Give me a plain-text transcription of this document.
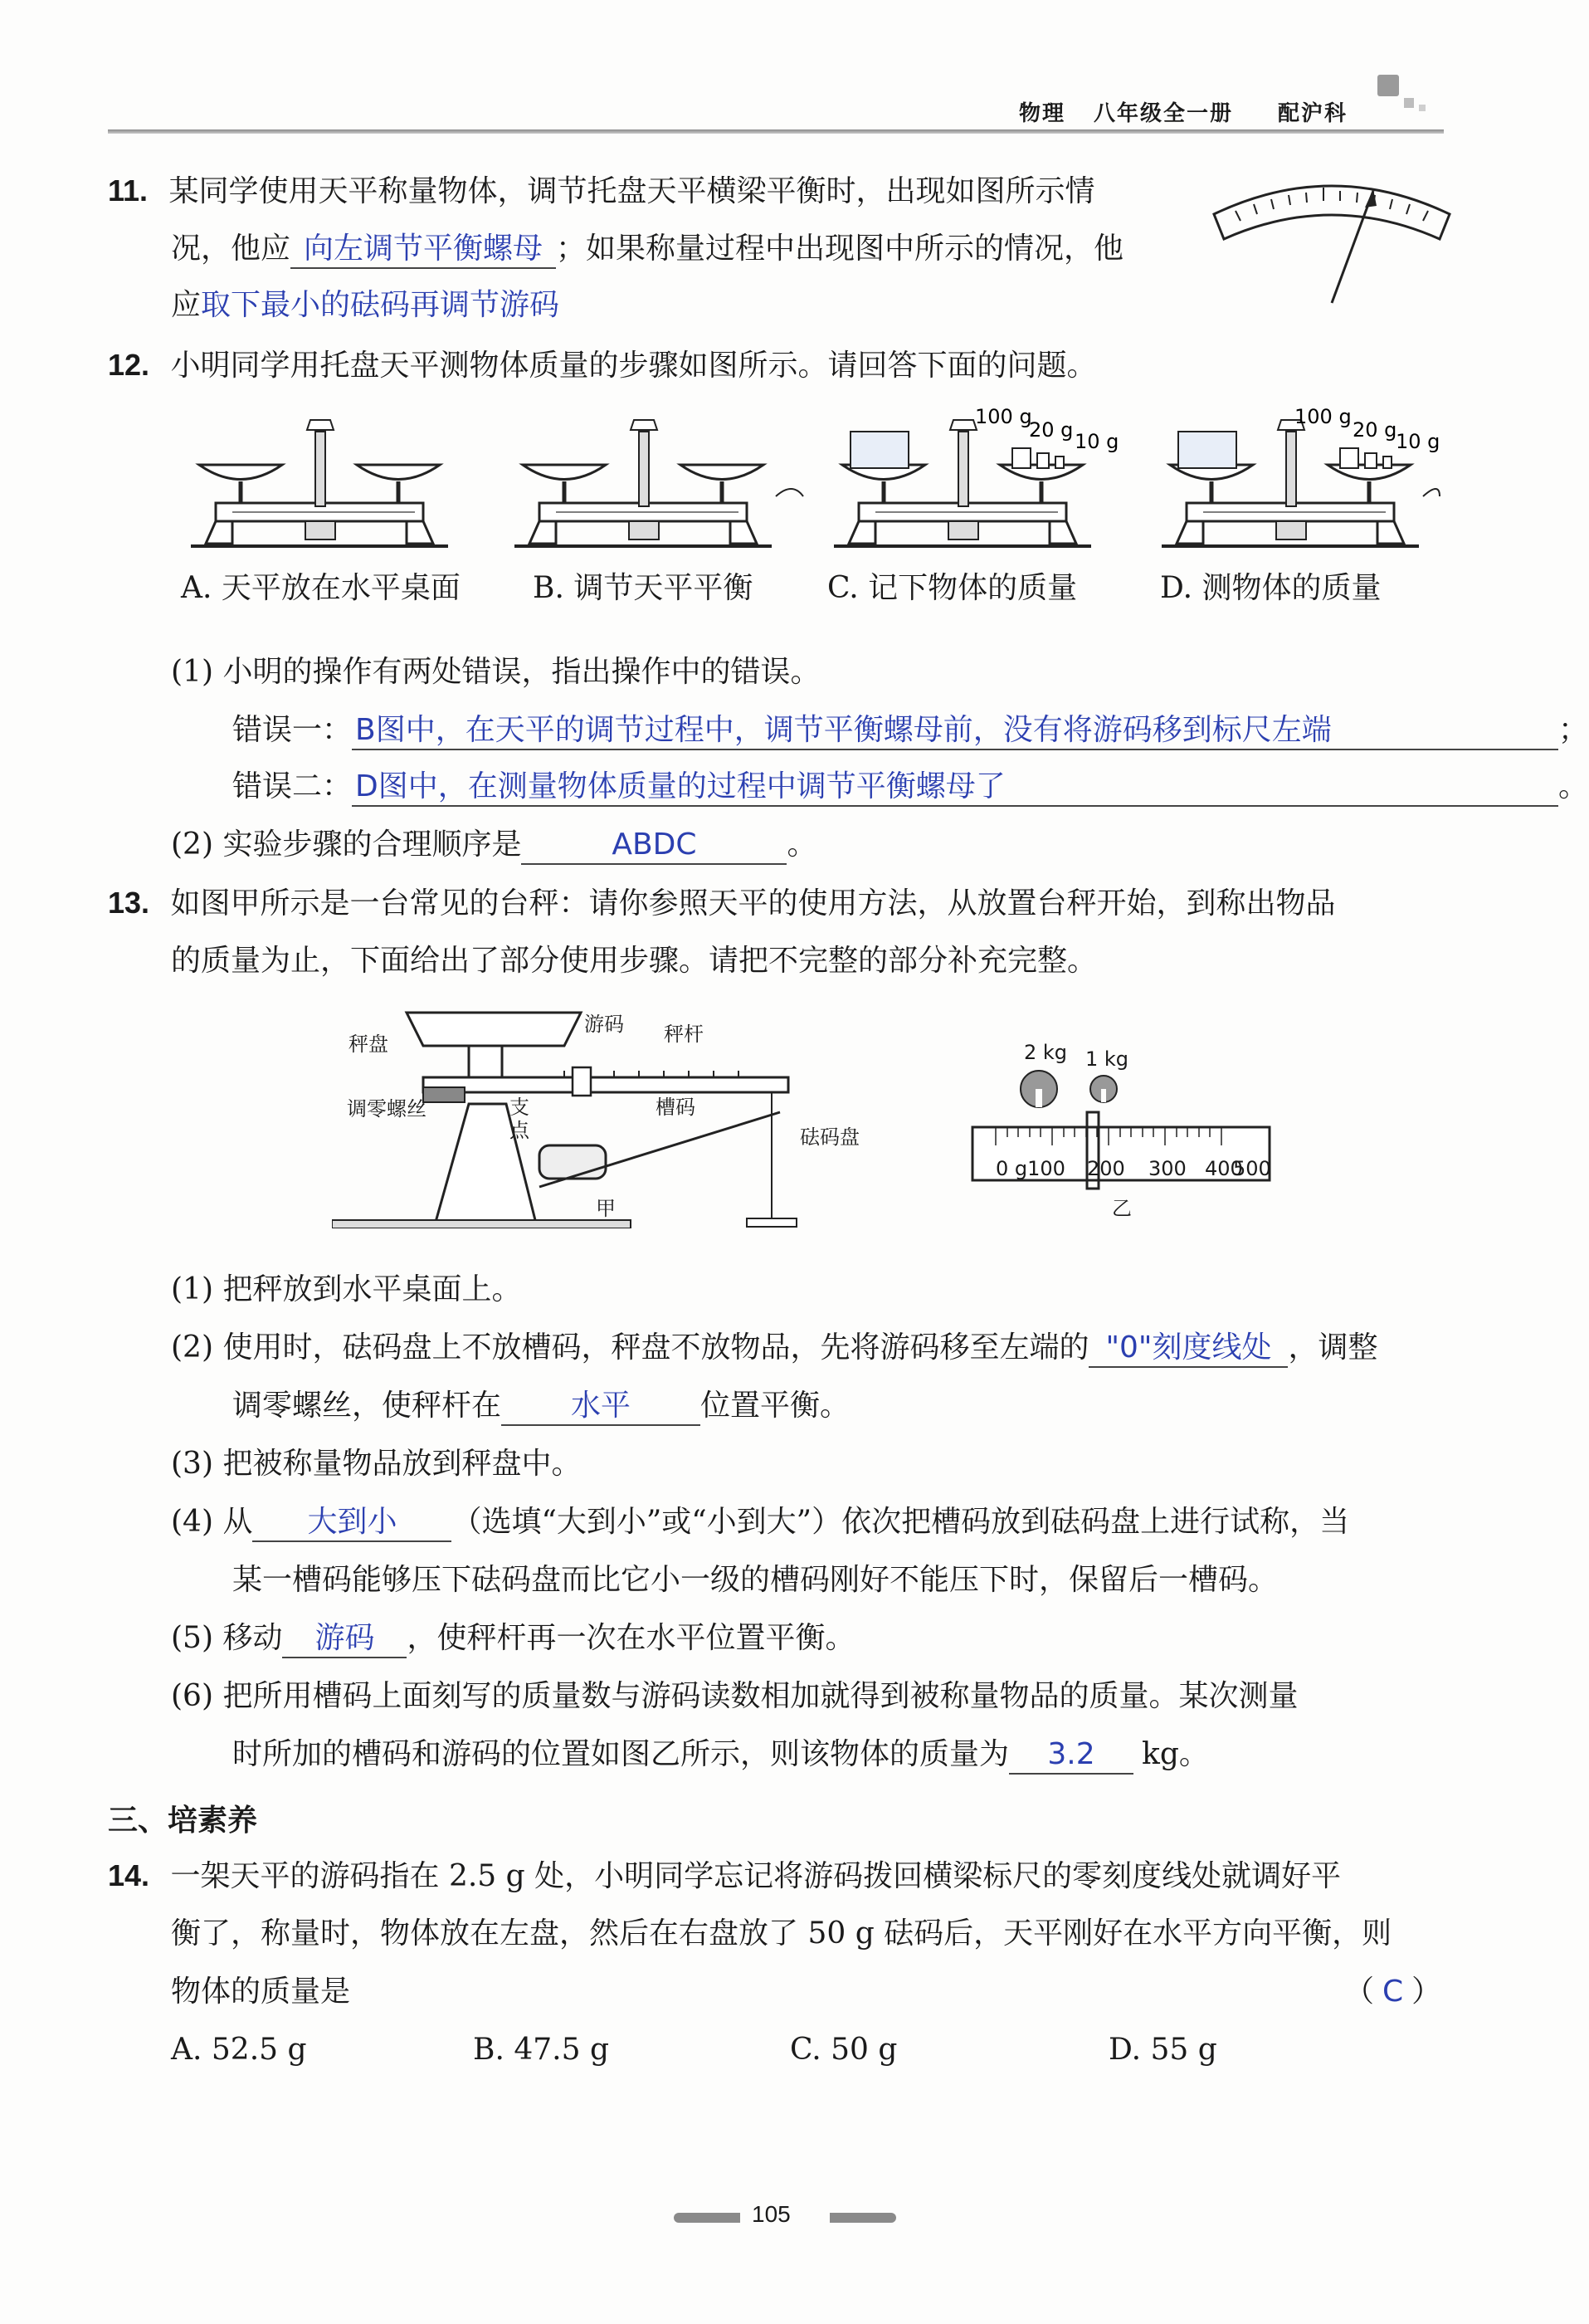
物理 八年级全一册 配沪科
11. 某同学使用天平称量物体，调节托盘天平横梁平衡时，出现如图所示情
况，他应 向左调节平衡螺母 ；如果称量过程中出现图中所示的情况，他
应取下最小的砝码再调节游码
12. 小明同学用托盘天平测物体质量的步骤如图所示。请回答下面的问题。
100 g
20 g 10 g
100 g
20 g
10 g
A. 天平放在水平桌面 B. 调节天平平衡 C. 记下物体的质量	D. 测物体的质量
(1) 小明的操作有两处错误，指出操作中的错误。
错误一： B图中，在天平的调节过程中，调节平衡螺母前，没有将游码移到标尺左端	；
错误二： D图中，在测量物体质量的过程中调节平衡螺母了	。
(2) 实验步骤的合理顺序是	ABDC	。
13. 如图甲所示是一台常见的台秤：请你参照天平的使用方法，从放置台秤开始，到称出物品
的质量为止，下面给出了部分使用步骤。请把不完整的部分补充完整。
秤盘
游码 秤杆
调零螺丝	支点
槽码
砝码盘
甲
2 kg 1 kg
0 g100 200 300 400
乙
500
(1) 把秤放到水平桌面上。
(2) 使用时，砝码盘上不放槽码，秤盘不放物品，先将游码移至左端的 "0"刻度线处 ，调整
调零螺丝，使秤杆在 水平 位置平衡。
(3) 把被称量物品放到秤盘中。
(4) 从 大到小 （选填“大到小”或“小到大”）依次把槽码放到砝码盘上进行试称，当
某一槽码能够压下砝码盘而比它小一级的槽码刚好不能压下时，保留后一槽码。
(5) 移动 游码 ，使秤杆再一次在水平位置平衡。
(6) 把所用槽码上面刻写的质量数与游码读数相加就得到被称量物品的质量。某次测量
时所加的槽码和游码的位置如图乙所示，则该物体的质量为 3.2 kg。
三、培素养
14. 一架天平的游码指在 2.5 g 处，小明同学忘记将游码拨回横梁标尺的零刻度线处就调好平
衡了，称量时，物体放在左盘，然后在右盘放了 50 g 砝码后，天平刚好在水平方向平衡，则
物体的质量是	（ C ）
A. 52.5 g	B. 47.5 g	C. 50 g	D. 55 g
105
